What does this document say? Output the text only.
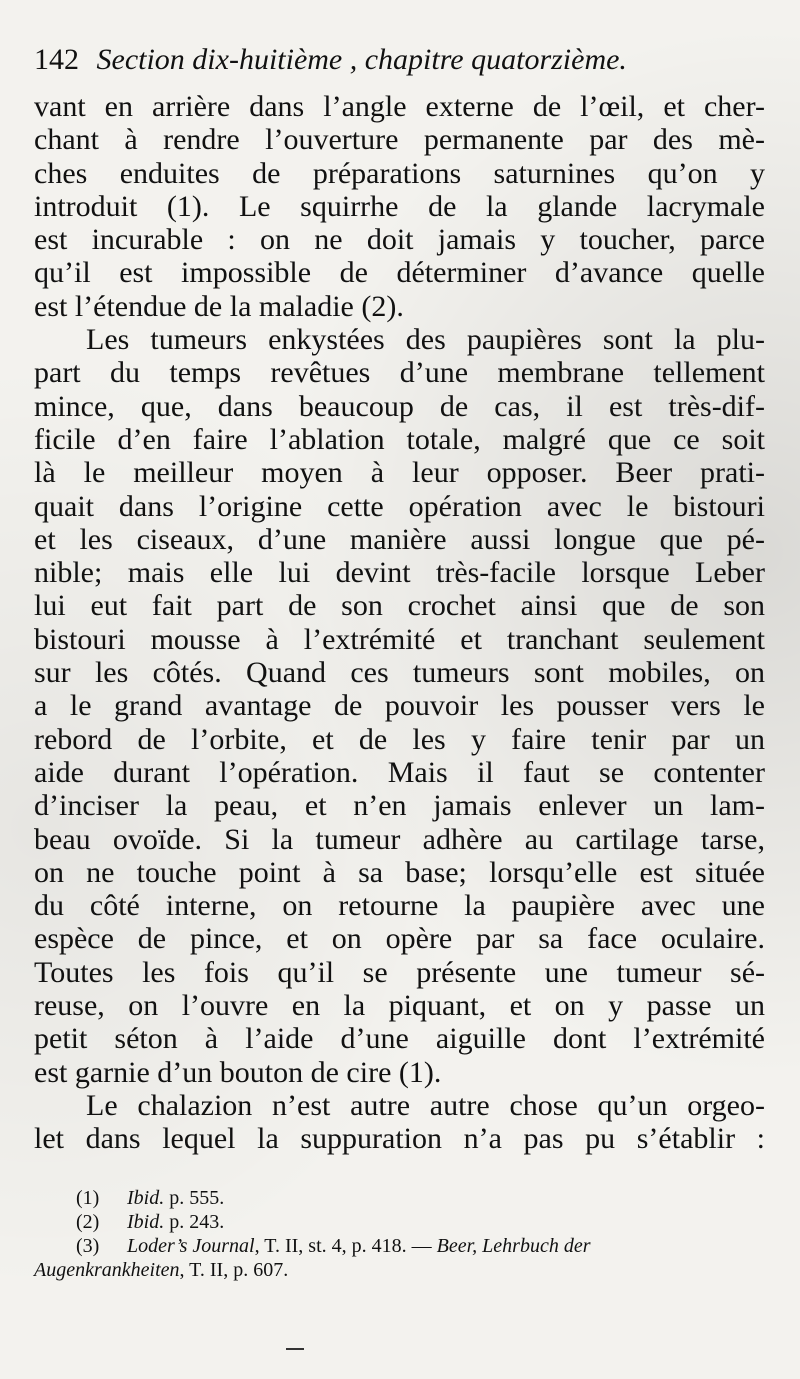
142 Section dix-huitième , chapitre quatorzième.
vant en arrière dans l’angle externe de l’œil, et cher-
chant à rendre l’ouverture permanente par des mè-
ches enduites de préparations saturnines qu’on y
introduit (1). Le squirrhe de la glande lacrymale
est incurable : on ne doit jamais y toucher, parce
qu’il est impossible de déterminer d’avance quelle
est l’étendue de la maladie (2).
Les tumeurs enkystées des paupières sont la plu-
part du temps revêtues d’une membrane tellement
mince, que, dans beaucoup de cas, il est très-dif-
ficile d’en faire l’ablation totale, malgré que ce soit
là le meilleur moyen à leur opposer. Beer prati-
quait dans l’origine cette opération avec le bistouri
et les ciseaux, d’une manière aussi longue que pé-
nible; mais elle lui devint très-facile lorsque Leber
lui eut fait part de son crochet ainsi que de son
bistouri mousse à l’extrémité et tranchant seulement
sur les côtés. Quand ces tumeurs sont mobiles, on
a le grand avantage de pouvoir les pousser vers le
rebord de l’orbite, et de les y faire tenir par un
aide durant l’opération. Mais il faut se contenter
d’inciser la peau, et n’en jamais enlever un lam-
beau ovoïde. Si la tumeur adhère au cartilage tarse,
on ne touche point à sa base; lorsqu’elle est située
du côté interne, on retourne la paupière avec une
espèce de pince, et on opère par sa face oculaire.
Toutes les fois qu’il se présente une tumeur sé-
reuse, on l’ouvre en la piquant, et on y passe un
petit séton à l’aide d’une aiguille dont l’extrémité
est garnie d’un bouton de cire (1).
Le chalazion n’est autre autre chose qu’un orgeo-
let dans lequel la suppuration n’a pas pu s’établir :
(1) Ibid. p. 555.
(2) Ibid. p. 243.
(3) Loder’s Journal, T. II, st. 4, p. 418. — Beer, Lehrbuch der
Augenkrankheiten, T. II, p. 607.
